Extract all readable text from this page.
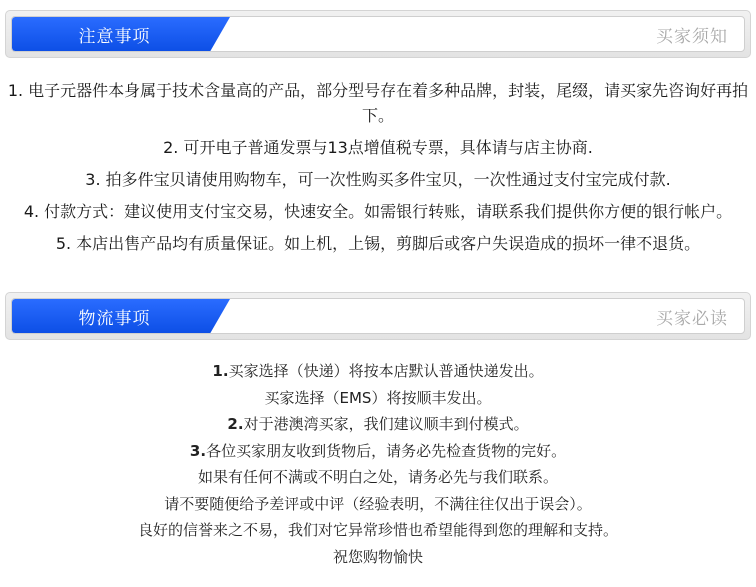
注意事项	买家须知
1. 电子元器件本身属于技术含量高的产品，部分型号存在着多种品牌，封装，尾缀，请买家先咨询好再拍下。
2. 可开电子普通发票与13点增值税专票，具体请与店主协商.
3. 拍多件宝贝请使用购物车，可一次性购买多件宝贝，一次性通过支付宝完成付款.
4. 付款方式：建议使用支付宝交易，快速安全。如需银行转账，请联系我们提供你方便的银行帐户。
5. 本店出售产品均有质量保证。如上机，上锡，剪脚后或客户失误造成的损坏一律不退货。
物流事项	买家必读
1.买家选择（快递）将按本店默认普通快递发出。
买家选择（EMS）将按顺丰发出。
2.对于港澳湾买家，我们建议顺丰到付模式。
3.各位买家朋友收到货物后，请务必先检查货物的完好。
如果有任何不满或不明白之处，请务必先与我们联系。
请不要随便给予差评或中评（经验表明，不满往往仅出于误会）。
良好的信誉来之不易，我们对它异常珍惜也希望能得到您的理解和支持。
祝您购物愉快
